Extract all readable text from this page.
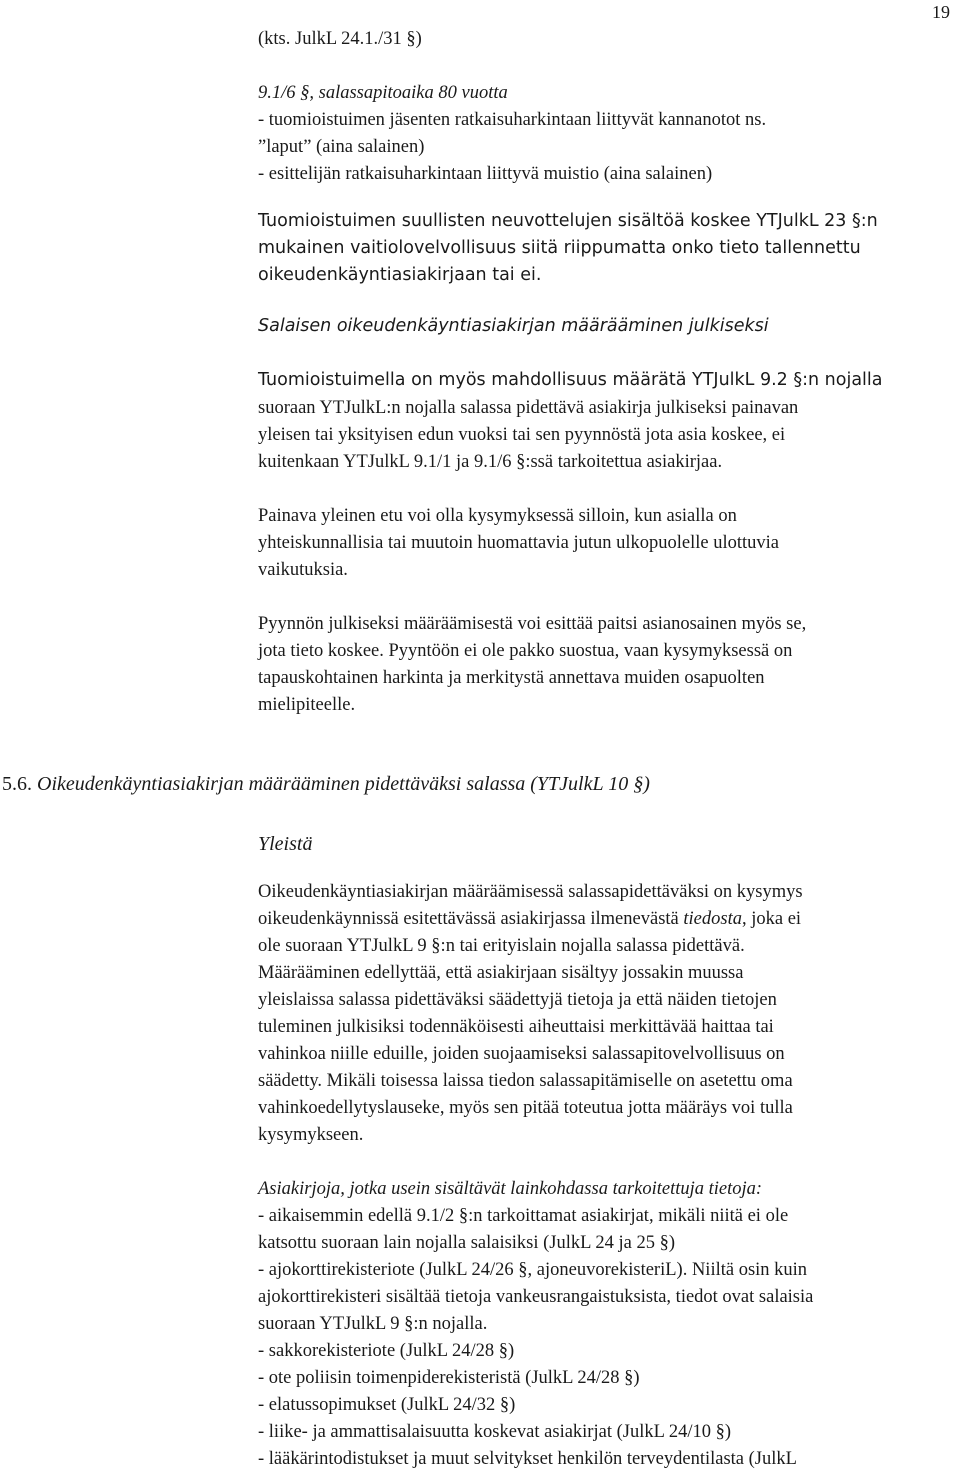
19
(kts. JulkL 24.1./31 §)
9.1/6 §, salassapitoaika 80 vuotta
- tuomioistuimen jäsenten ratkaisuharkintaan liittyvät kannanotot ns.
”laput” (aina salainen)
- esittelijän ratkaisuharkintaan liittyvä muistio (aina salainen)
Tuomioistuimen suullisten neuvottelujen sisältöä koskee YTJulkL 23 §:n
mukainen vaitiolovelvollisuus siitä riippumatta onko tieto tallennettu
oikeudenkäyntiasiakirjaan tai ei.
Salaisen oikeudenkäyntiasiakirjan määrääminen julkiseksi
Tuomioistuimella on myös mahdollisuus määrätä YTJulkL 9.2 §:n nojalla
suoraan YTJulkL:n nojalla salassa pidettävä asiakirja julkiseksi painavan
yleisen tai yksityisen edun vuoksi tai sen pyynnöstä jota asia koskee, ei
kuitenkaan YTJulkL 9.1/1 ja 9.1/6 §:ssä tarkoitettua asiakirjaa.
Painava yleinen etu voi olla kysymyksessä silloin, kun asialla on
yhteiskunnallisia tai muutoin huomattavia jutun ulkopuolelle ulottuvia
vaikutuksia.
Pyynnön julkiseksi määräämisestä voi esittää paitsi asianosainen myös se,
jota tieto koskee. Pyyntöön ei ole pakko suostua, vaan kysymyksessä on
tapauskohtainen harkinta ja merkitystä annettava muiden osapuolten
mielipiteelle.
5.6. Oikeudenkäyntiasiakirjan määrääminen pidettäväksi salassa (YTJulkL 10 §)
Yleistä
Oikeudenkäyntiasiakirjan määräämisessä salassapidettäväksi on kysymys
oikeudenkäynnissä esitettävässä asiakirjassa ilmenevästä tiedosta, joka ei
ole suoraan YTJulkL 9 §:n tai erityislain nojalla salassa pidettävä.
Määrääminen edellyttää, että asiakirjaan sisältyy jossakin muussa
yleislaissa salassa pidettäväksi säädettyjä tietoja ja että näiden tietojen
tuleminen julkisiksi todennäköisesti aiheuttaisi merkittävää haittaa tai
vahinkoa niille eduille, joiden suojaamiseksi salassapitovelvollisuus on
säädetty. Mikäli toisessa laissa tiedon salassapitämiselle on asetettu oma
vahinkoedellytyslauseke, myös sen pitää toteutua jotta määräys voi tulla
kysymykseen.
Asiakirjoja, jotka usein sisältävät lainkohdassa tarkoitettuja tietoja:
- aikaisemmin edellä 9.1/2 §:n tarkoittamat asiakirjat, mikäli niitä ei ole
katsottu suoraan lain nojalla salaisiksi (JulkL 24 ja 25 §)
- ajokorttirekisteriote (JulkL 24/26 §, ajoneuvorekisteriL). Niiltä osin kuin
ajokorttirekisteri sisältää tietoja vankeusrangaistuksista, tiedot ovat salaisia
suoraan YTJulkL 9 §:n nojalla.
- sakkorekisteriote (JulkL 24/28 §)
- ote poliisin toimenpiderekisteristä (JulkL 24/28 §)
- elatussopimukset (JulkL 24/32 §)
- liike- ja ammattisalaisuutta koskevat asiakirjat (JulkL 24/10 §)
- lääkärintodistukset ja muut selvitykset henkilön terveydentilasta (JulkL
